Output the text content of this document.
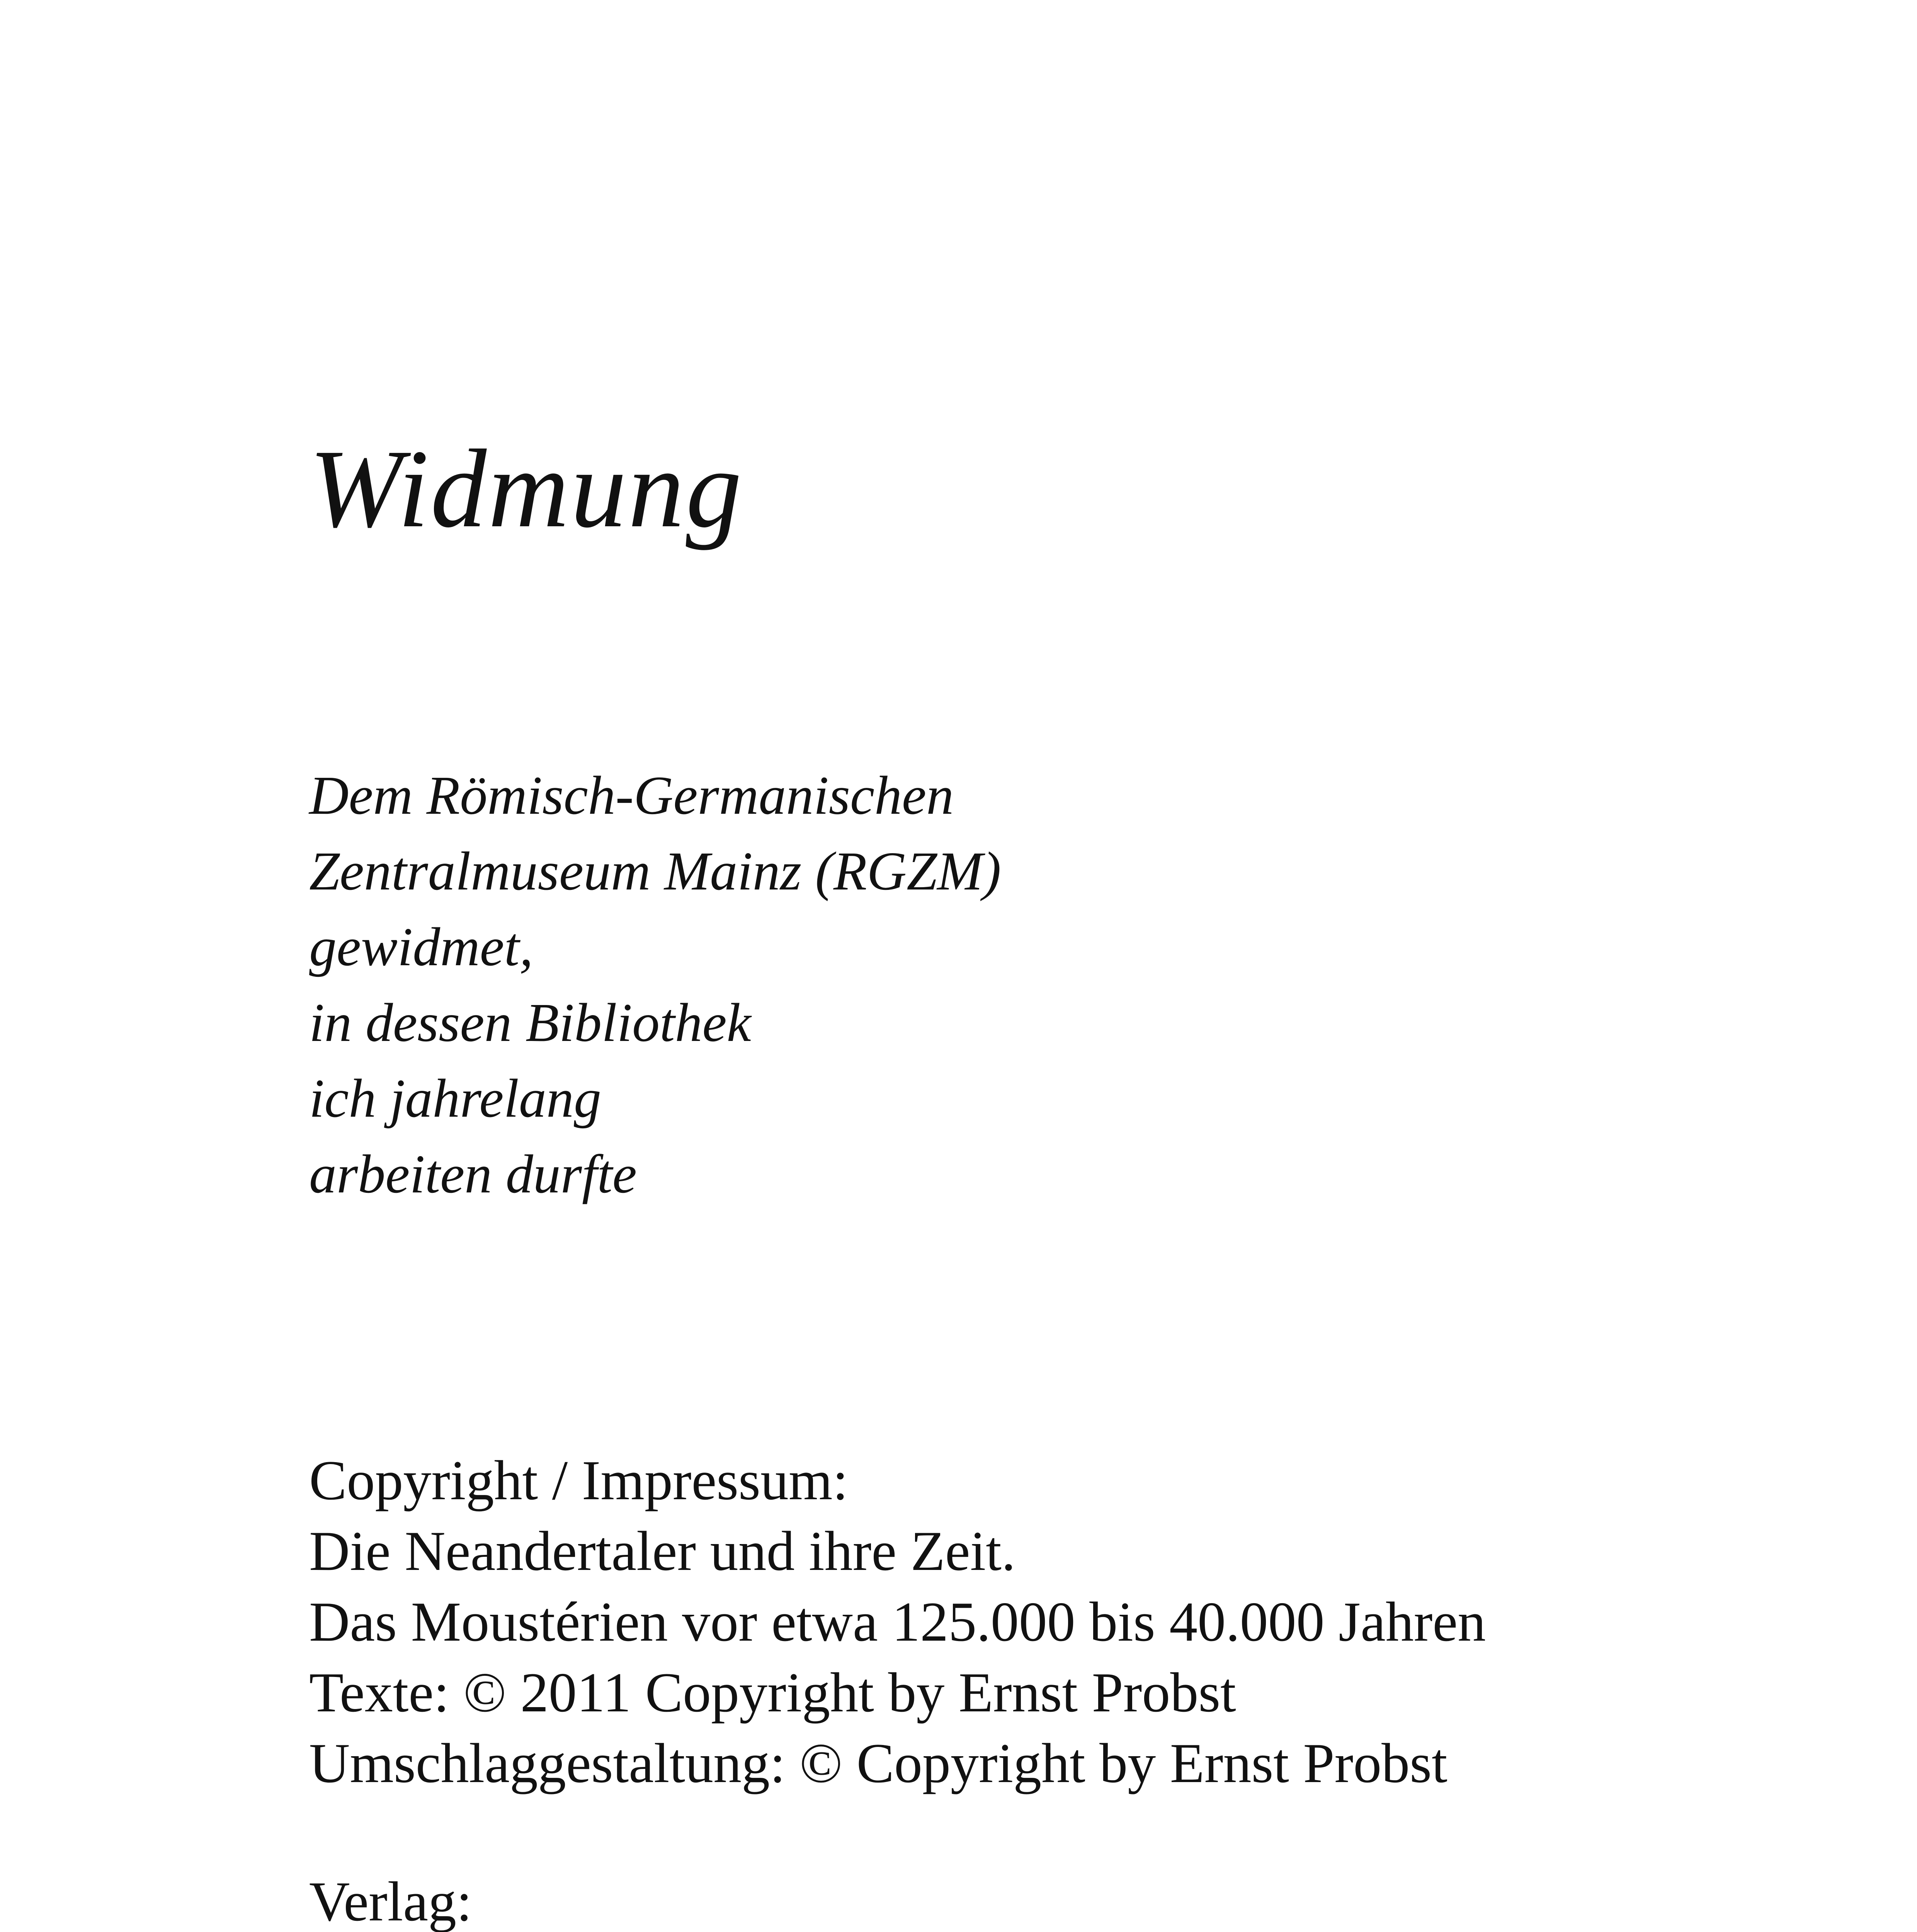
Widmung
Dem Römisch-Germanischen
Zentralmuseum Mainz (RGZM)
gewidmet,
in dessen Bibliothek
ich jahrelang
arbeiten durfte
Copyright / Impressum:
Die Neandertaler und ihre Zeit.
Das Moustérien vor etwa 125.000 bis 40.000 Jahren
Texte: © 2011 Copyright by Ernst Probst
Umschlaggestaltung: © Copyright by Ernst Probst
Verlag:
